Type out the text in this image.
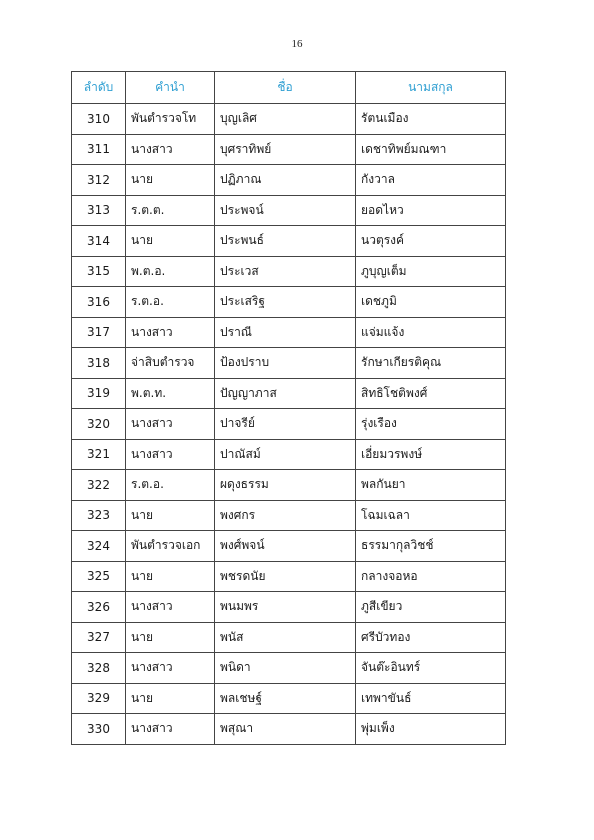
16
ลำดับ	คำนำ	ชื่อ	นามสกุล
310	พันตำรวจโท	บุญเลิศ	รัตนเมือง
311	นางสาว	บุศราทิพย์	เดชาทิพย์มณฑา
312	นาย	ปฏิภาณ	กังวาล
313	ร.ต.ต.	ประพจน์	ยอดไหว
314	นาย	ประพนธ์	นวตุรงค์
315	พ.ต.อ.	ประเวส	ภูบุญเต็ม
316	ร.ต.อ.	ประเสริฐ	เดชภูมิ
317	นางสาว	ปราณี	แจ่มแจ้ง
318	จ่าสิบตำรวจ	ป้องปราบ	รักษาเกียรติคุณ
319	พ.ต.ท.	ปัญญาภาส	สิทธิโชติพงศ์
320	นางสาว	ปาจรีย์	รุ่งเรือง
321	นางสาว	ปาณัสม์	เอี่ยมวรพงษ์
322	ร.ต.อ.	ผดุงธรรม	พลกันยา
323	นาย	พงศกร	โฉมเฉลา
324	พันตำรวจเอก	พงศ์พจน์	ธรรมากุลวิชช์
325	นาย	พชรดนัย	กลางจอหอ
326	นางสาว	พนมพร	ภูสีเขียว
327	นาย	พนัส	ศรีบัวทอง
328	นางสาว	พนิดา	จันต๊ะอินทร์
329	นาย	พลเชษฐ์	เทพาขันธ์
330	นางสาว	พสุณา	พุ่มเพ็ง
